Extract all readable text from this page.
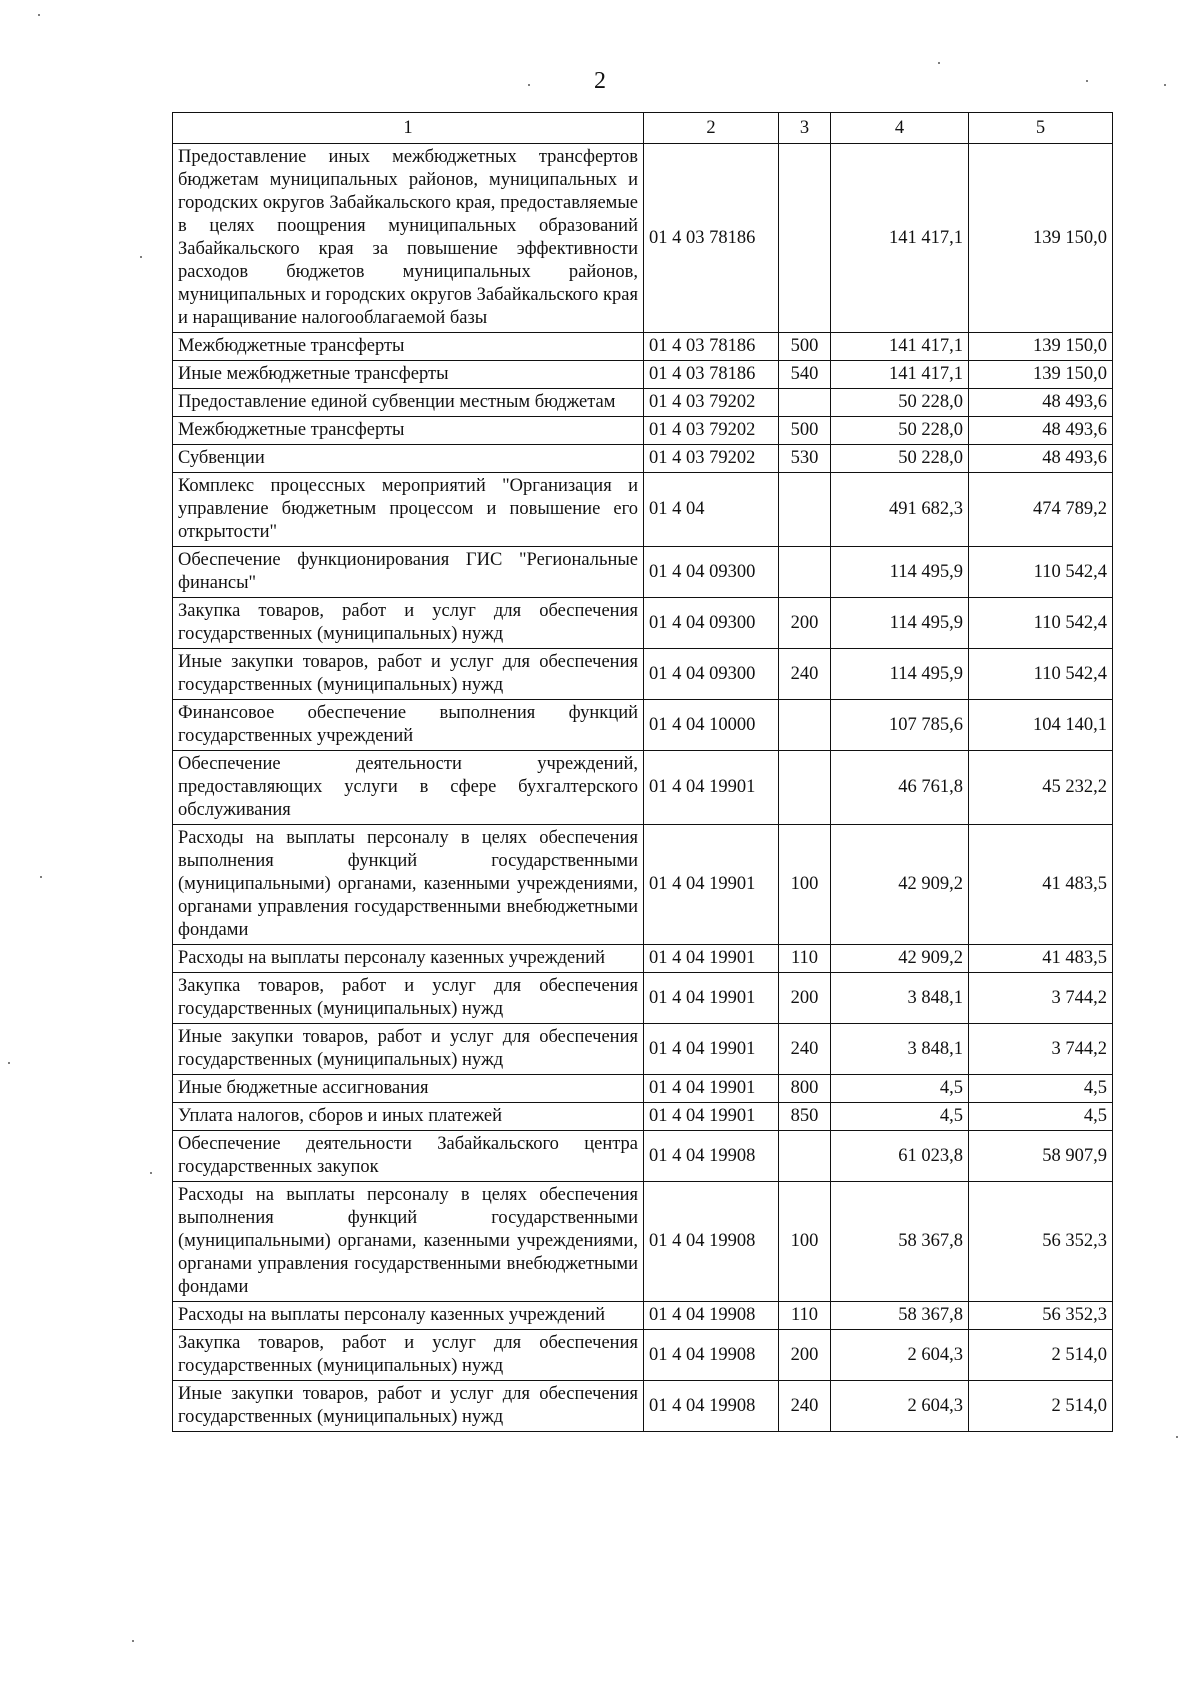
2
1	2	3	4	5
Предоставление иных межбюджетных трансфертов бюджетам муниципальных районов, муниципальных и городских округов Забайкальского края, предоставляемые в целях поощрения муниципальных образований Забайкальского края за повышение эффективности расходов бюджетов муниципальных районов, муниципальных и городских округов Забайкальского края и наращивание налогооблагаемой базы	01 4 03 78186		141 417,1	139 150,0
Межбюджетные трансферты	01 4 03 78186	500	141 417,1	139 150,0
Иные межбюджетные трансферты	01 4 03 78186	540	141 417,1	139 150,0
Предоставление единой субвенции местным бюджетам	01 4 03 79202		50 228,0	48 493,6
Межбюджетные трансферты	01 4 03 79202	500	50 228,0	48 493,6
Субвенции	01 4 03 79202	530	50 228,0	48 493,6
Комплекс процессных мероприятий "Организация и управление бюджетным процессом и повышение его открытости"	01 4 04		491 682,3	474 789,2
Обеспечение функционирования ГИС "Региональные финансы"	01 4 04 09300		114 495,9	110 542,4
Закупка товаров, работ и услуг для обеспечения государственных (муниципальных) нужд	01 4 04 09300	200	114 495,9	110 542,4
Иные закупки товаров, работ и услуг для обеспечения государственных (муниципальных) нужд	01 4 04 09300	240	114 495,9	110 542,4
Финансовое обеспечение выполнения функций государственных учреждений	01 4 04 10000		107 785,6	104 140,1
Обеспечение деятельности учреждений, предоставляющих услуги в сфере бухгалтерского обслуживания	01 4 04 19901		46 761,8	45 232,2
Расходы на выплаты персоналу в целях обеспечения выполнения функций государственными (муниципальными) органами, казенными учреждениями, органами управления государственными внебюджетными фондами	01 4 04 19901	100	42 909,2	41 483,5
Расходы на выплаты персоналу казенных учреждений	01 4 04 19901	110	42 909,2	41 483,5
Закупка товаров, работ и услуг для обеспечения государственных (муниципальных) нужд	01 4 04 19901	200	3 848,1	3 744,2
Иные закупки товаров, работ и услуг для обеспечения государственных (муниципальных) нужд	01 4 04 19901	240	3 848,1	3 744,2
Иные бюджетные ассигнования	01 4 04 19901	800	4,5	4,5
Уплата налогов, сборов и иных платежей	01 4 04 19901	850	4,5	4,5
Обеспечение деятельности Забайкальского центра государственных закупок	01 4 04 19908		61 023,8	58 907,9
Расходы на выплаты персоналу в целях обеспечения выполнения функций государственными (муниципальными) органами, казенными учреждениями, органами управления государственными внебюджетными фондами	01 4 04 19908	100	58 367,8	56 352,3
Расходы на выплаты персоналу казенных учреждений	01 4 04 19908	110	58 367,8	56 352,3
Закупка товаров, работ и услуг для обеспечения государственных (муниципальных) нужд	01 4 04 19908	200	2 604,3	2 514,0
Иные закупки товаров, работ и услуг для обеспечения государственных (муниципальных) нужд	01 4 04 19908	240	2 604,3	2 514,0
